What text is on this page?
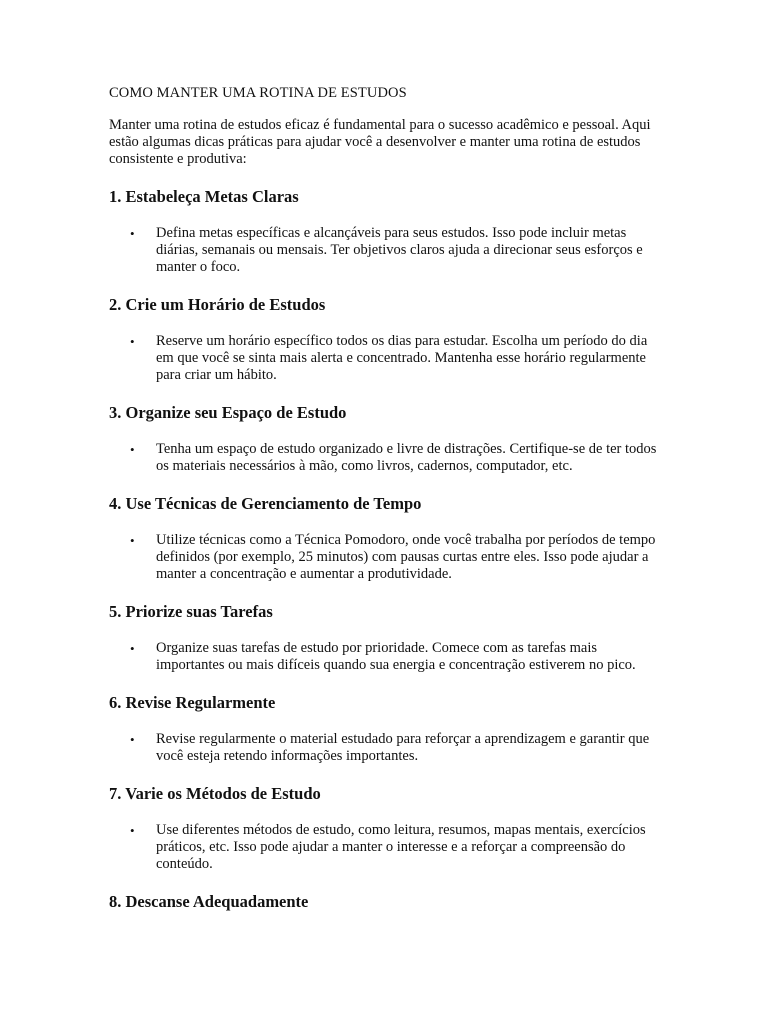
COMO MANTER UMA ROTINA DE ESTUDOS

Manter uma rotina de estudos eficaz é fundamental para o sucesso acadêmico e pessoal. Aqui estão algumas dicas práticas para ajudar você a desenvolver e manter uma rotina de estudos consistente e produtiva:

1. Estabeleça Metas Claras
• Defina metas específicas e alcançáveis para seus estudos. Isso pode incluir metas diárias, semanais ou mensais. Ter objetivos claros ajuda a direcionar seus esforços e manter o foco.
2. Crie um Horário de Estudos
• Reserve um horário específico todos os dias para estudar. Escolha um período do dia em que você se sinta mais alerta e concentrado. Mantenha esse horário regularmente para criar um hábito.
3. Organize seu Espaço de Estudo
• Tenha um espaço de estudo organizado e livre de distrações. Certifique-se de ter todos os materiais necessários à mão, como livros, cadernos, computador, etc.
4. Use Técnicas de Gerenciamento de Tempo
• Utilize técnicas como a Técnica Pomodoro, onde você trabalha por períodos de tempo definidos (por exemplo, 25 minutos) com pausas curtas entre eles. Isso pode ajudar a manter a concentração e aumentar a produtividade.
5. Priorize suas Tarefas
• Organize suas tarefas de estudo por prioridade. Comece com as tarefas mais importantes ou mais difíceis quando sua energia e concentração estiverem no pico.
6. Revise Regularmente
• Revise regularmente o material estudado para reforçar a aprendizagem e garantir que você esteja retendo informações importantes.
7. Varie os Métodos de Estudo
• Use diferentes métodos de estudo, como leitura, resumos, mapas mentais, exercícios práticos, etc. Isso pode ajudar a manter o interesse e a reforçar a compreensão do conteúdo.
8. Descanse Adequadamente
